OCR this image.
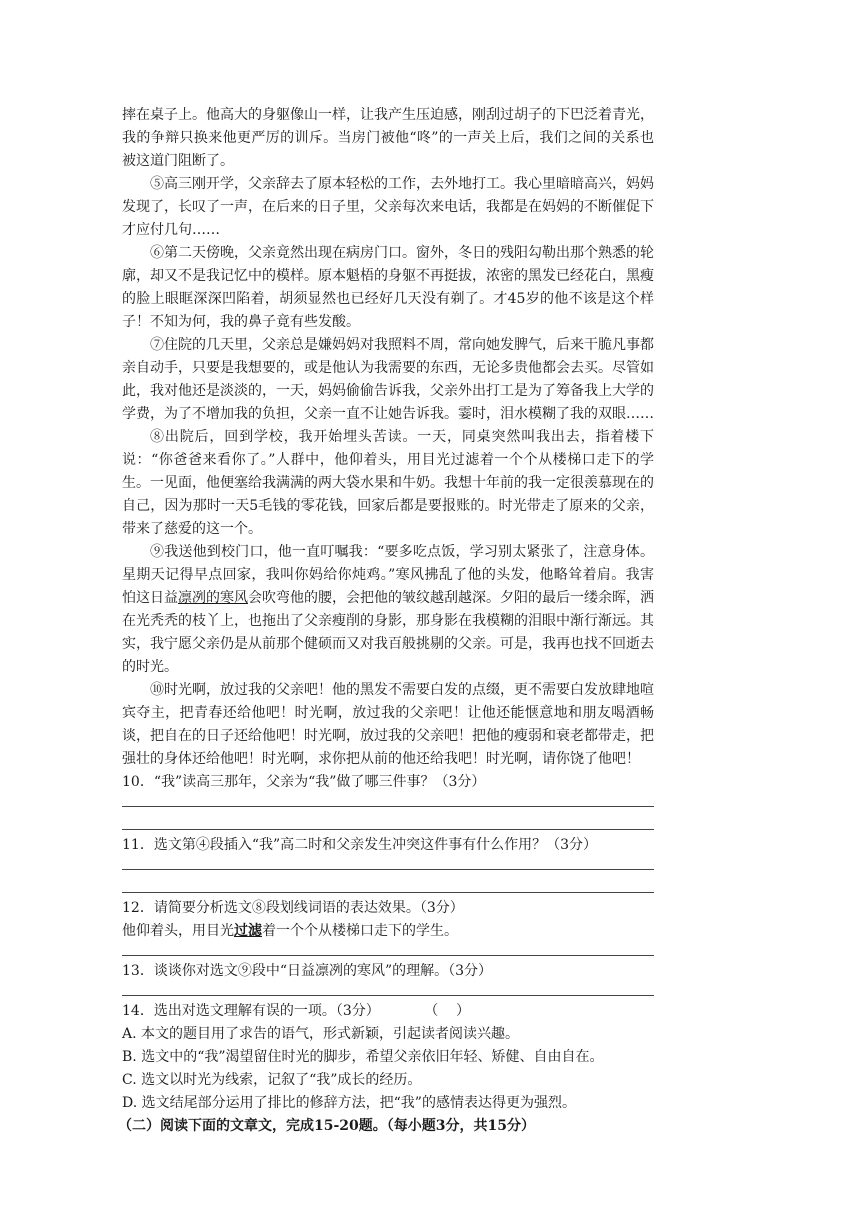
摔在桌子上。他高大的身躯像山一样，让我产生压迫感，刚刮过胡子的下巴泛着青光，我的争辩只换来他更严厉的训斥。当房门被他“咚”的一声关上后，我们之间的关系也被这道门阻断了。

⑤高三刚开学，父亲辞去了原本轻松的工作，去外地打工。我心里暗暗高兴，妈妈发现了，长叹了一声，在后来的日子里，父亲每次来电话，我都是在妈妈的不断催促下才应付几句……

⑥第二天傍晚，父亲竟然出现在病房门口。窗外，冬日的残阳勾勒出那个熟悉的轮廓，却又不是我记忆中的模样。原本魁梧的身躯不再挺拔，浓密的黑发已经花白，黑瘦的脸上眼眶深深凹陷着，胡须显然也已经好几天没有剃了。才45岁的他不该是这个样子！不知为何，我的鼻子竟有些发酸。

⑦住院的几天里，父亲总是嫌妈妈对我照料不周，常向她发脾气，后来干脆凡事都亲自动手，只要是我想要的，或是他认为我需要的东西，无论多贵他都会去买。尽管如此，我对他还是淡淡的，一天，妈妈偷偷告诉我，父亲外出打工是为了筹备我上大学的学费，为了不增加我的负担，父亲一直不让她告诉我。霎时，泪水模糊了我的双眼……

⑧出院后，回到学校，我开始埋头苦读。一天，同桌突然叫我出去，指着楼下说：“你爸爸来看你了。”人群中，他仰着头，用目光过滤着一个个从楼梯口走下的学生。一见面，他便塞给我满满的两大袋水果和牛奶。我想十年前的我一定很羡慕现在的自己，因为那时一天5毛钱的零花钱，回家后都是要报账的。时光带走了原来的父亲，带来了慈爱的这一个。

⑨我送他到校门口，他一直叮嘱我：“要多吃点饭，学习别太紧张了，注意身体。星期天记得早点回家，我叫你妈给你炖鸡。”寒风拂乱了他的头发，他略耸着肩。我害怕这日益凛冽的寒风会吹弯他的腰，会把他的皱纹越刮越深。夕阳的最后一缕余晖，洒在光秃秃的枝丫上，也拖出了父亲瘦削的身影，那身影在我模糊的泪眼中渐行渐远。其实，我宁愿父亲仍是从前那个健硕而又对我百般挑剔的父亲。可是，我再也找不回逝去的时光。

⑩时光啊，放过我的父亲吧！他的黑发不需要白发的点缀，更不需要白发放肆地喧宾夺主，把青春还给他吧！时光啊，放过我的父亲吧！让他还能惬意地和朋友喝酒畅谈，把自在的日子还给他吧！时光啊，放过我的父亲吧！把他的瘦弱和衰老都带走，把强壮的身体还给他吧！时光啊，求你把从前的他还给我吧！时光啊，请你饶了他吧！

10．“我”读高三那年，父亲为“我”做了哪三件事？（3分）

11．选文第④段插入“我”高二时和父亲发生冲突这件事有什么作用？（3分）

12．请简要分析选文⑧段划线词语的表达效果。（3分）

他仰着头，用目光过滤着一个个从楼梯口走下的学生。

13．谈谈你对选文⑨段中“日益凛冽的寒风”的理解。（3分）

14．选出对选文理解有误的一项。（3分）          （    ）

A. 本文的题目用了求告的语气，形式新颖，引起读者阅读兴趣。

B. 选文中的“我”渴望留住时光的脚步，希望父亲依旧年轻、矫健、自由自在。

C. 选文以时光为线索，记叙了“我”成长的经历。

D. 选文结尾部分运用了排比的修辞方法，把“我”的感情表达得更为强烈。

（二）阅读下面的文章文，完成15-20题。（每小题3分，共15分）
